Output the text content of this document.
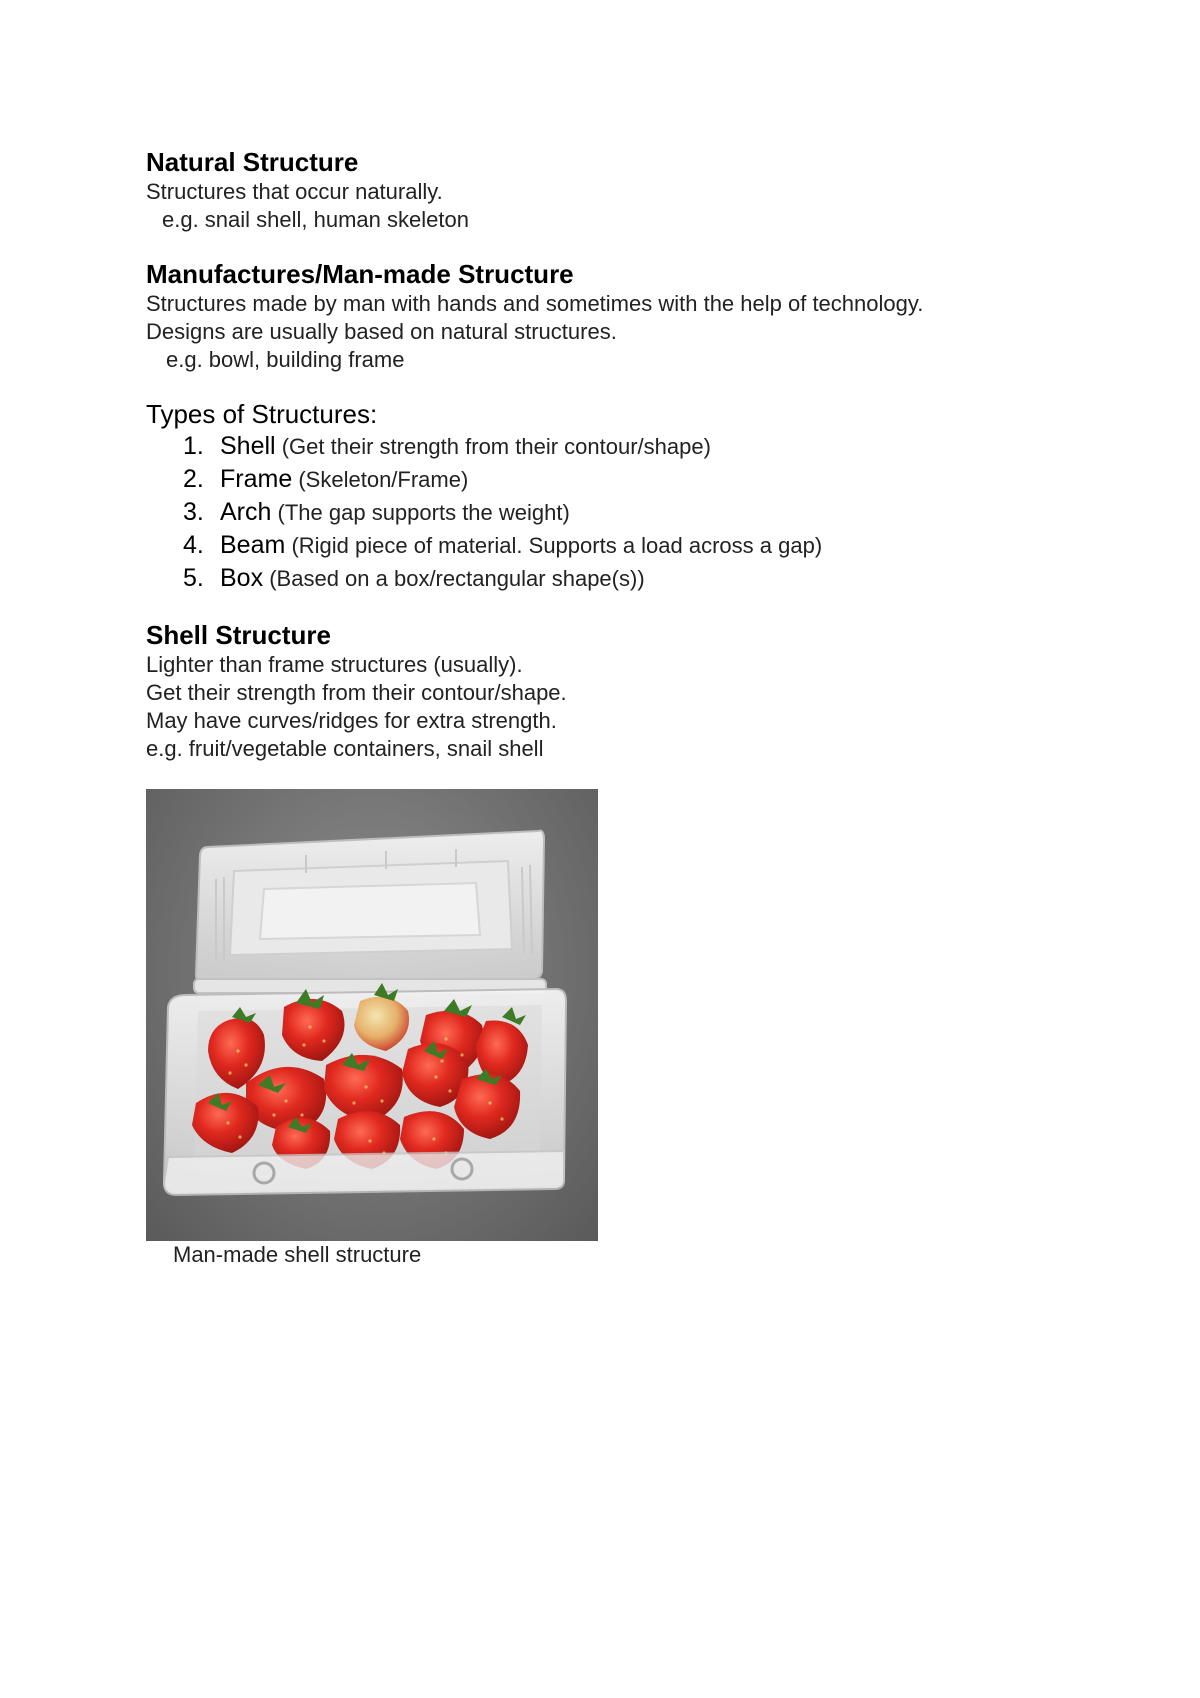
Natural Structure
Structures that occur naturally.
e.g. snail shell, human skeleton
Manufactures/Man-made Structure
Structures made by man with hands and sometimes with the help of technology.
Designs are usually based on natural structures.
e.g. bowl, building frame
Types of Structures:
1. Shell (Get their strength from their contour/shape)
2. Frame (Skeleton/Frame)
3. Arch (The gap supports the weight)
4. Beam (Rigid piece of material. Supports a load across a gap)
5. Box (Based on a box/rectangular shape(s))
Shell Structure
Lighter than frame structures (usually).
Get their strength from their contour/shape.
May have curves/ridges for extra strength.
e.g. fruit/vegetable containers, snail shell
Man-made shell structure
